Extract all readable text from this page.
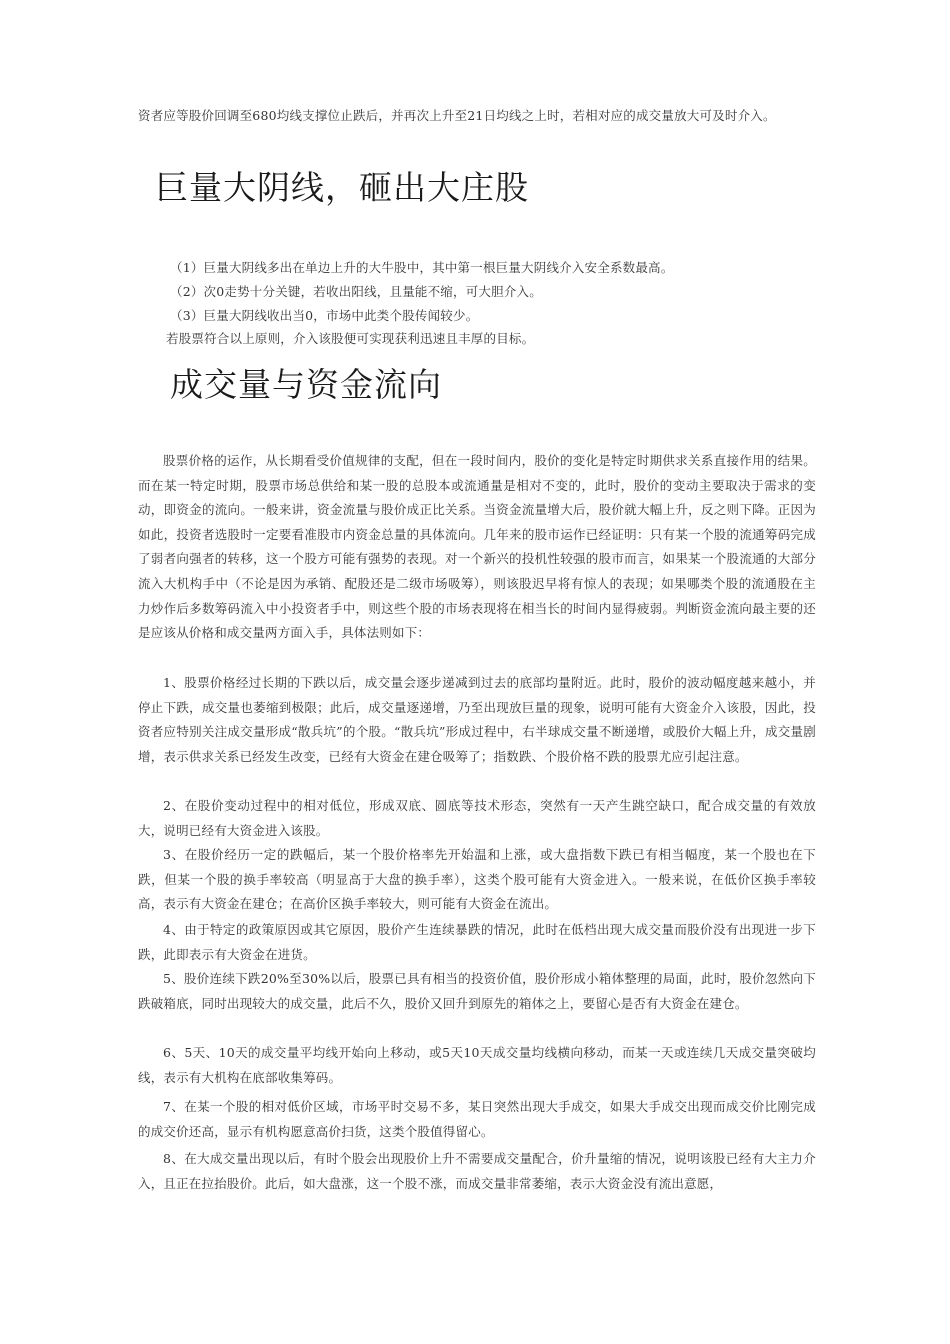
资者应等股价回调至680均线支撑位止跌后，并再次上升至21日均线之上时，若相对应的成交量放大可及时介入。

巨量大阴线，砸出大庄股

（1）巨量大阴线多出在单边上升的大牛股中，其中第一根巨量大阴线介入安全系数最高。

（2）次0走势十分关键，若收出阳线，且量能不缩，可大胆介入。

（3）巨量大阴线收出当0，市场中此类个股传闻较少。

若股票符合以上原则，介入该股便可实现获利迅速且丰厚的目标。

成交量与资金流向

股票价格的运作，从长期看受价值规律的支配，但在一段时间内，股价的变化是特定时期供求关系直接作用的结果。而在某一特定时期，股票市场总供给和某一股的总股本或流通量是相对不变的，此时，股价的变动主要取决于需求的变动，即资金的流向。一般来讲，资金流量与股价成正比关系。当资金流量增大后，股价就大幅上升，反之则下降。正因为如此，投资者选股时一定要看准股市内资金总量的具体流向。几年来的股市运作已经证明：只有某一个股的流通筹码完成了弱者向强者的转移，这一个股方可能有强势的表现。对一个新兴的投机性较强的股市而言，如果某一个股流通的大部分流入大机构手中（不论是因为承销、配股还是二级市场吸筹），则该股迟早将有惊人的表现；如果哪类个股的流通股在主力炒作后多数筹码流入中小投资者手中，则这些个股的市场表现将在相当长的时间内显得疲弱。判断资金流向最主要的还是应该从价格和成交量两方面入手，具体法则如下：

1、股票价格经过长期的下跌以后，成交量会逐步递减到过去的底部均量附近。此时，股价的波动幅度越来越小，并停止下跌，成交量也萎缩到极限；此后，成交量逐递增，乃至出现放巨量的现象，说明可能有大资金介入该股，因此，投资者应特别关注成交量形成“散兵坑”的个股。“散兵坑”形成过程中，右半球成交量不断递增，或股价大幅上升，成交量剧增，表示供求关系已经发生改变，已经有大资金在建仓吸筹了；指数跌、个股价格不跌的股票尤应引起注意。

2、在股价变动过程中的相对低位，形成双底、圆底等技术形态，突然有一天产生跳空缺口，配合成交量的有效放大，说明已经有大资金进入该股。

3、在股价经历一定的跌幅后，某一个股价格率先开始温和上涨，或大盘指数下跌已有相当幅度，某一个股也在下跌，但某一个股的换手率较高（明显高于大盘的换手率），这类个股可能有大资金进入。一般来说，在低价区换手率较高，表示有大资金在建仓；在高价区换手率较大，则可能有大资金在流出。

4、由于特定的政策原因或其它原因，股价产生连续暴跌的情况，此时在低档出现大成交量而股价没有出现进一步下跌，此即表示有大资金在进货。

5、股价连续下跌20%至30%以后，股票已具有相当的投资价值，股价形成小箱体整理的局面，此时，股价忽然向下跌破箱底，同时出现较大的成交量，此后不久，股价又回升到原先的箱体之上，要留心是否有大资金在建仓。

6、5天、10天的成交量平均线开始向上移动，或5天10天成交量均线横向移动，而某一天或连续几天成交量突破均线，表示有大机构在底部收集筹码。

7、在某一个股的相对低价区域，市场平时交易不多，某日突然出现大手成交，如果大手成交出现而成交价比刚完成的成交价还高，显示有机构愿意高价扫货，这类个股值得留心。

8、在大成交量出现以后，有时个股会出现股价上升不需要成交量配合，价升量缩的情况，说明该股已经有大主力介入，且正在拉抬股价。此后，如大盘涨，这一个股不涨，而成交量非常萎缩，表示大资金没有流出意愿，
